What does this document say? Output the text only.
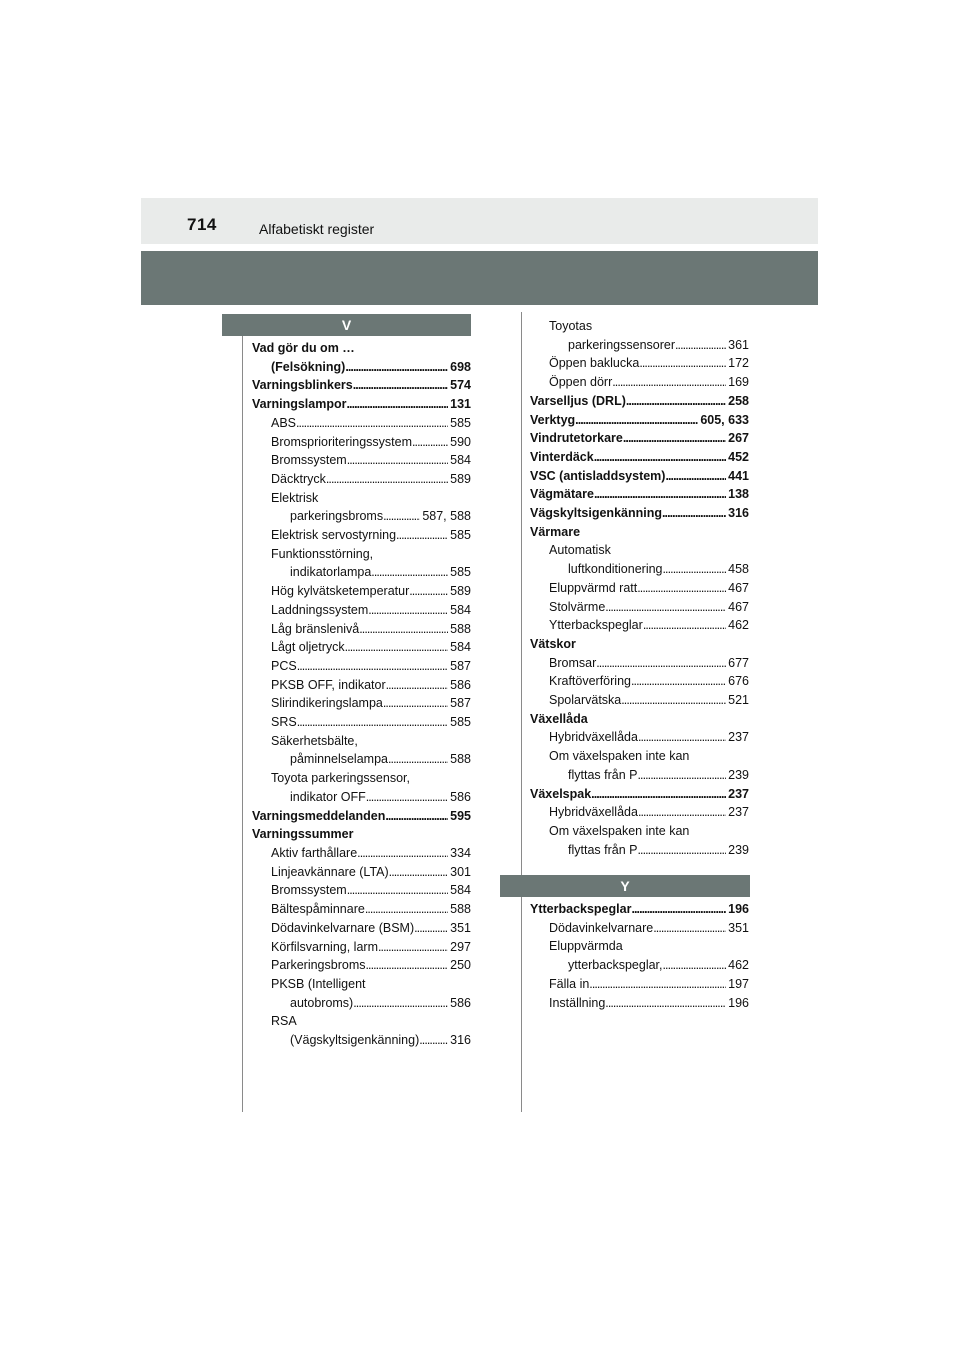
714	Alfabetiskt register
V
Y
Vad gör du om …
(Felsökning) . . .	698
Varningsblinkers . . .	574
Varningslampor . . .	131
ABS . . .	585
Bromsprioriteringssystem . . .	590
Bromssystem . . .	584
Däcktryck . . .	589
Elektrisk
parkeringsbroms . . .	587, 588
Elektrisk servostyrning . . .	585
Funktionsstörning,
indikatorlampa . . .	585
Hög kylvätsketemperatur . . .	589
Laddningssystem . . .	584
Låg bränslenivå . . .	588
Lågt oljetryck . . .	584
PCS . . .	587
PKSB OFF, indikator . . .	586
Slirindikeringslampa . . .	587
SRS . . .	585
Säkerhetsbälte,
påminnelselampa . . .	588
Toyota parkeringssensor,
indikator OFF . . .	586
Varningsmeddelanden . . .	595
Varningssummer
Aktiv farthållare . . .	334
Linjeavkännare (LTA) . . .	301
Bromssystem . . .	584
Bältespåminnare . . .	588
Dödavinkelvarnare (BSM) . . .	351
Körfilsvarning, larm . . .	297
Parkeringsbroms . . .	250
PKSB (Intelligent
autobroms) . . .	586
RSA
(Vägskyltsigenkänning) . . . 316
Toyotas
parkeringssensorer . . .	361
Öppen baklucka . . .	172
Öppen dörr . . .	169
Varselljus (DRL) . . .	258
Verktyg . . .	605, 633
Vindrutetorkare . . .	267
Vinterdäck . . .	452
VSC (antisladdsystem) . . .	441
Vägmätare . . .	138
Vägskyltsigenkänning . . .	316
Värmare
Automatisk
luftkonditionering . . .	458
Eluppvärmd ratt . . .	467
Stolvärme . . .	467
Ytterbackspeglar . . .	462
Vätskor
Bromsar . . .	677
Kraftöverföring . . .	676
Spolarvätska . . .	521
Växellåda
Hybridväxellåda . . .	237
Om växelspaken inte kan
flyttas från P . . .	239
Växelspak . . .	237
Hybridväxellåda . . .	237
Om växelspaken inte kan
flyttas från P . . .	239
Ytterbackspeglar . . .	196
Dödavinkelvarnare . . .	351
Eluppvärmda
ytterbackspeglar, . . .	462
Fälla in . . .	197
Inställning . . .	196
